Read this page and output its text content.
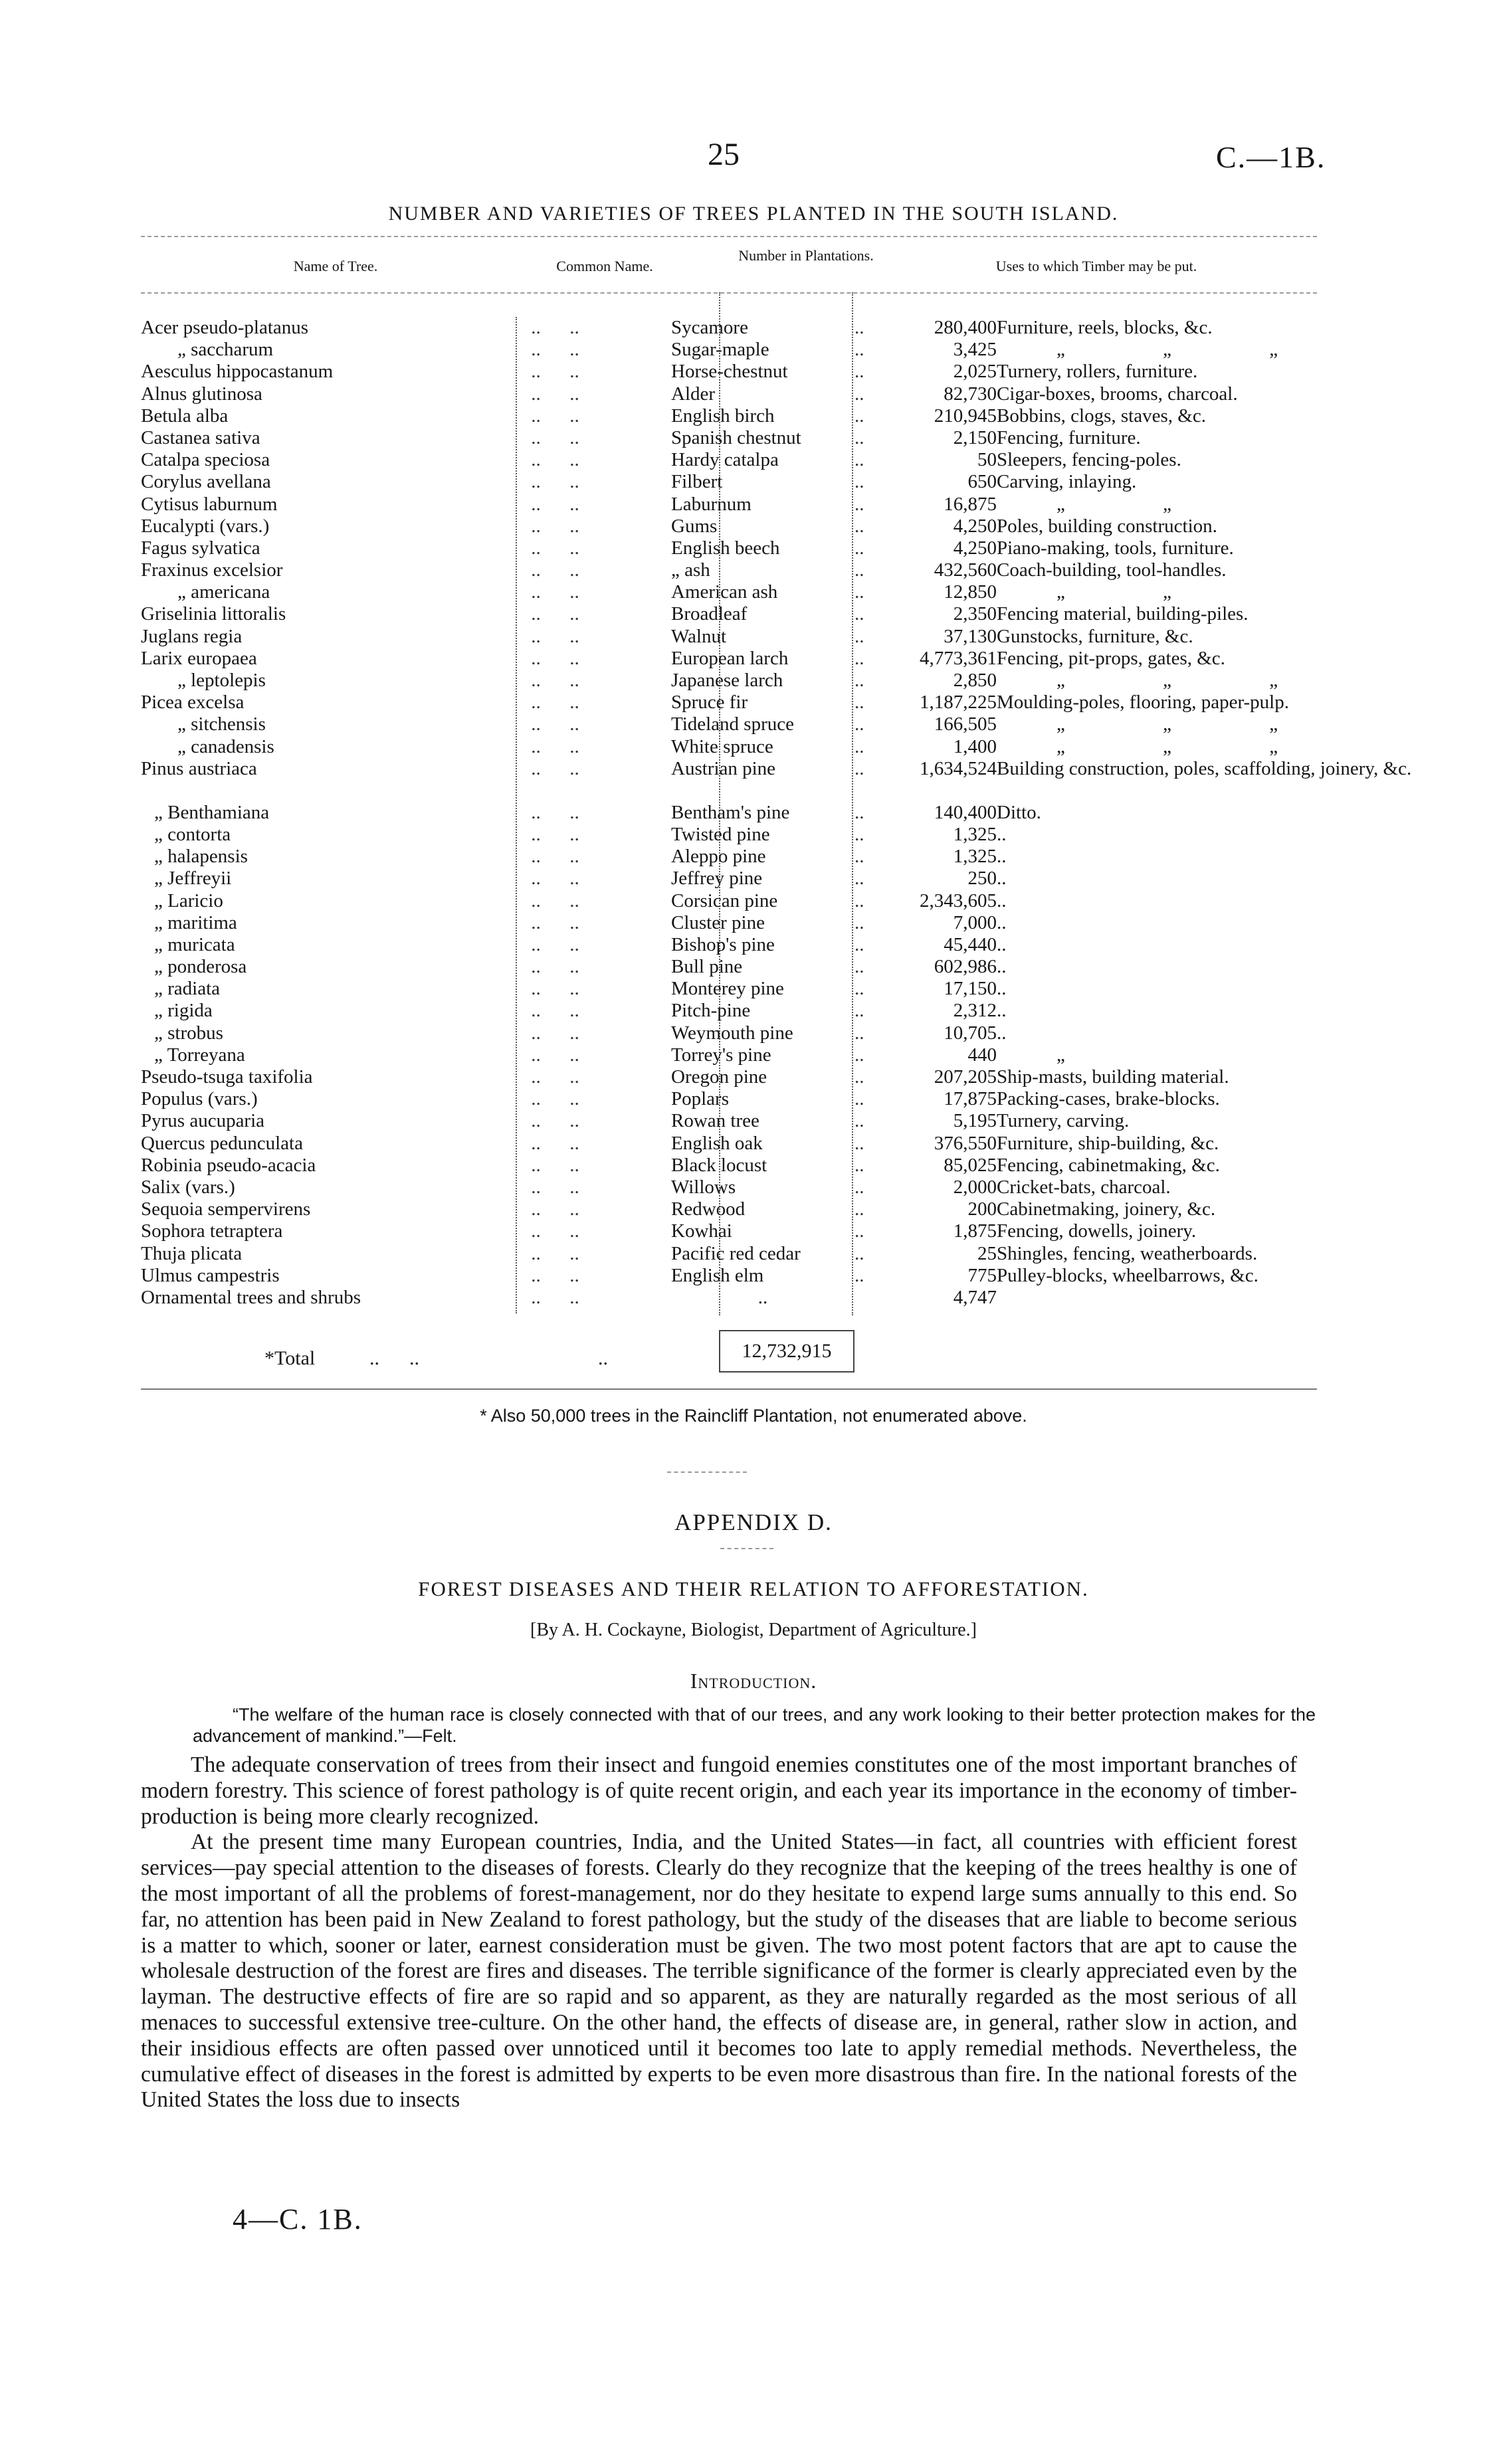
25	C.—1B.
NUMBER AND VARIETIES OF TREES PLANTED IN THE SOUTH ISLAND.
Name of Tree.	Common Name.
Number in Plantations.
Uses to which Timber may be put.
Acer pseudo-platanus	..      ..	Sycamore	..	280,400	Furniture, reels, blocks, &c.
„ saccharum	..      ..	Sugar-maple	..	3,425	„ „ „
Aesculus hippocastanum	..      ..	Horse-chestnut	..	2,025	Turnery, rollers, furniture.
Alnus glutinosa	..      ..	Alder	..	82,730	Cigar-boxes, brooms, charcoal.
Betula alba	..      ..	English birch	..	210,945	Bobbins, clogs, staves, &c.
Castanea sativa	..      ..	Spanish chestnut	..	2,150	Fencing, furniture.
Catalpa speciosa	..      ..	Hardy catalpa	..	50	Sleepers, fencing-poles.
Corylus avellana	..      ..	Filbert	..	650	Carving, inlaying.
Cytisus laburnum	..      ..	Laburnum	..	16,875	„ „
Eucalypti (vars.)	..      ..	Gums	..	4,250	Poles, building construction.
Fagus sylvatica	..      ..	English beech	..	4,250	Piano-making, tools, furniture.
Fraxinus excelsior	..      ..	„ ash	..	432,560	Coach-building, tool-handles.
„ americana	..      ..	American ash	..	12,850	„ „
Griselinia littoralis	..      ..	Broadleaf	..	2,350	Fencing material, building-piles.
Juglans regia	..      ..	Walnut	..	37,130	Gunstocks, furniture, &c.
Larix europaea	..      ..	European larch	..	4,773,361	Fencing, pit-props, gates, &c.
„ leptolepis	..      ..	Japanese larch	..	2,850	„ „ „
Picea excelsa	..      ..	Spruce fir	..	1,187,225	Moulding-poles, flooring, paper-pulp.
„ sitchensis	..      ..	Tideland spruce	..	166,505	„ „ „
„ canadensis	..      ..	White spruce	..	1,400	„ „ „
Pinus austriaca	..      ..	Austrian pine	..	1,634,524	Building construction, poles, scaffolding, joinery, &c.

„ Benthamiana	..      ..	Bentham's pine	..	140,400	Ditto.
„ contorta	..      ..	Twisted pine	..	1,325	..
„ halapensis	..      ..	Aleppo pine	..	1,325	..
„ Jeffreyii	..      ..	Jeffrey pine	..	250	..
„ Laricio	..      ..	Corsican pine	..	2,343,605	..
„ maritima	..      ..	Cluster pine	..	7,000	..
„ muricata	..      ..	Bishop's pine	..	45,440	..
„ ponderosa	..      ..	Bull pine	..	602,986	..
„ radiata	..      ..	Monterey pine	..	17,150	..
„ rigida	..      ..	Pitch-pine	..	2,312	..
„ strobus	..      ..	Weymouth pine	..	10,705	..
„ Torreyana	..      ..	Torrey's pine	..	440	„
Pseudo-tsuga taxifolia	..      ..	Oregon pine	..	207,205	Ship-masts, building material.
Populus (vars.)	..      ..	Poplars	..	17,875	Packing-cases, brake-blocks.
Pyrus aucuparia	..      ..	Rowan tree	..	5,195	Turnery, carving.
Quercus pedunculata	..      ..	English oak	..	376,550	Furniture, ship-building, &c.
Robinia pseudo-acacia	..      ..	Black locust	..	85,025	Fencing, cabinetmaking, &c.
Salix (vars.)	..      ..	Willows	..	2,000	Cricket-bats, charcoal.
Sequoia sempervirens	..      ..	Redwood	..	200	Cabinetmaking, joinery, &c.
Sophora tetraptera	..      ..	Kowhai	..	1,875	Fencing, dowells, joinery.
Thuja plicata	..      ..	Pacific red cedar	..	25	Shingles, fencing, weatherboards.
Ulmus campestris	..      ..	English elm	..	775	Pulley-blocks, wheelbarrows, &c.
Ornamental trees and shrubs	..      ..	..		4,747	
*Total	..      ..	..	12,732,915
* Also 50,000 trees in the Raincliff Plantation, not enumerated above.
APPENDIX D.
FOREST DISEASES AND THEIR RELATION TO AFFORESTATION.
[By A. H. Cockayne, Biologist, Department of Agriculture.]
Introduction.
“The welfare of the human race is closely connected with that of our trees, and any work looking to their better protection makes for the advancement of mankind.”—Felt.

The adequate conservation of trees from their insect and fungoid enemies constitutes one of the most important branches of modern forestry. This science of forest pathology is of quite recent origin, and each year its importance in the economy of timber-production is being more clearly recognized.

At the present time many European countries, India, and the United States—in fact, all countries with efficient forest services—pay special attention to the diseases of forests. Clearly do they recognize that the keeping of the trees healthy is one of the most important of all the problems of forest-management, nor do they hesitate to expend large sums annually to this end. So far, no attention has been paid in New Zealand to forest pathology, but the study of the diseases that are liable to become serious is a matter to which, sooner or later, earnest consideration must be given. The two most potent factors that are apt to cause the wholesale destruction of the forest are fires and diseases. The terrible significance of the former is clearly appreciated even by the layman. The destructive effects of fire are so rapid and so apparent, as they are naturally regarded as the most serious of all menaces to successful extensive tree-culture. On the other hand, the effects of disease are, in general, rather slow in action, and their insidious effects are often passed over unnoticed until it becomes too late to apply remedial methods. Nevertheless, the cumulative effect of diseases in the forest is admitted by experts to be even more disastrous than fire. In the national forests of the United States the loss due to insects

4—C. 1B.
